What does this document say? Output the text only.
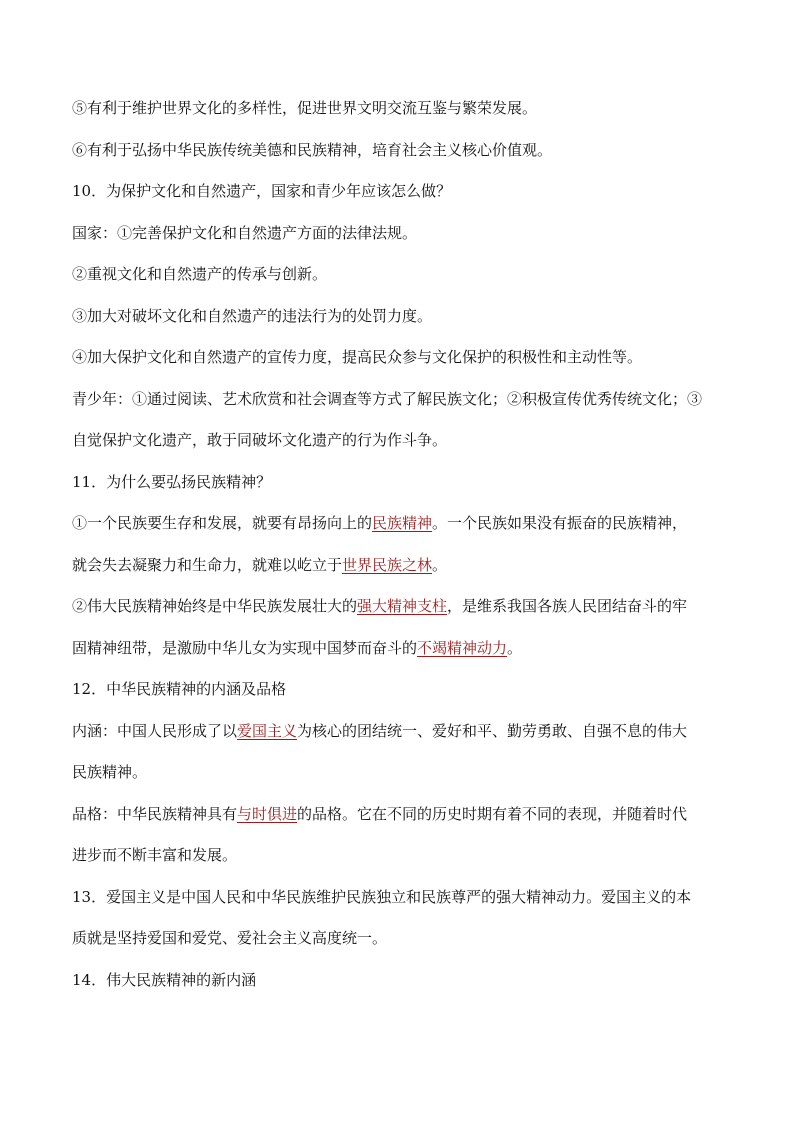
⑤有利于维护世界文化的多样性，促进世界文明交流互鉴与繁荣发展。

⑥有利于弘扬中华民族传统美德和民族精神，培育社会主义核心价值观。

10．为保护文化和自然遗产，国家和青少年应该怎么做？

国家：①完善保护文化和自然遗产方面的法律法规。

②重视文化和自然遗产的传承与创新。

③加大对破坏文化和自然遗产的违法行为的处罚力度。

④加大保护文化和自然遗产的宣传力度，提高民众参与文化保护的积极性和主动性等。

青少年：①通过阅读、艺术欣赏和社会调查等方式了解民族文化；②积极宣传优秀传统文化；③

自觉保护文化遗产，敢于同破坏文化遗产的行为作斗争。

11．为什么要弘扬民族精神？

①一个民族要生存和发展，就要有昂扬向上的民族精神。一个民族如果没有振奋的民族精神，

就会失去凝聚力和生命力，就难以屹立于世界民族之林。

②伟大民族精神始终是中华民族发展壮大的强大精神支柱，是维系我国各族人民团结奋斗的牢

固精神纽带，是激励中华儿女为实现中国梦而奋斗的不竭精神动力。

12．中华民族精神的内涵及品格

内涵：中国人民形成了以爱国主义为核心的团结统一、爱好和平、勤劳勇敢、自强不息的伟大

民族精神。

品格：中华民族精神具有与时俱进的品格。它在不同的历史时期有着不同的表现，并随着时代

进步而不断丰富和发展。

13．爱国主义是中国人民和中华民族维护民族独立和民族尊严的强大精神动力。爱国主义的本

质就是坚持爱国和爱党、爱社会主义高度统一。

14．伟大民族精神的新内涵
